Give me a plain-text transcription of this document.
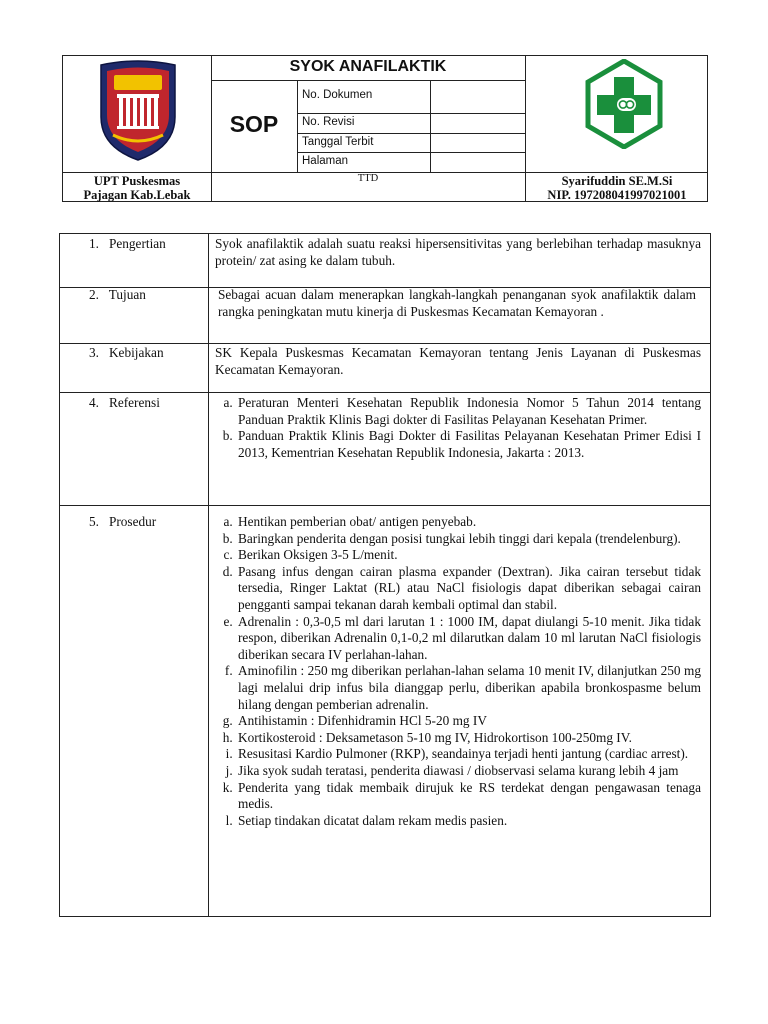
SYOK ANAFILAKTIK
SOP
No. Dokumen
No. Revisi
Tanggal Terbit
Halaman
UPT Puskesmas
Pajagan Kab.Lebak
TTD	Syarifuddin SE.M.Si
NIP. 197208041997021001
1.   Pengertian	Syok anafilaktik adalah suatu reaksi hipersensitivitas yang berlebihan terhadap masuknya protein/ zat asing ke dalam tubuh.
2.   Tujuan	Sebagai acuan dalam menerapkan langkah-langkah penanganan syok anafilaktik dalam rangka peningkatan mutu kinerja di Puskesmas Kecamatan Kemayoran .
3.   Kebijakan	SK Kepala Puskesmas Kecamatan Kemayoran tentang Jenis Layanan di Puskesmas Kecamatan Kemayoran.
4.   Referensi	a. Peraturan Menteri Kesehatan Republik Indonesia Nomor 5 Tahun 2014 tentang Panduan Praktik Klinis Bagi dokter di Fasilitas Pelayanan Kesehatan Primer.
b. Panduan Praktik Klinis Bagi Dokter di Fasilitas Pelayanan Kesehatan Primer Edisi I 2013, Kementrian Kesehatan Republik Indonesia, Jakarta : 2013.
5.   Prosedur	a. Hentikan pemberian obat/ antigen penyebab.
b. Baringkan penderita dengan posisi tungkai lebih tinggi dari kepala (trendelenburg).
c. Berikan Oksigen 3-5 L/menit.
d. Pasang infus dengan cairan plasma expander (Dextran). Jika cairan tersebut tidak tersedia, Ringer Laktat (RL) atau NaCl fisiologis dapat diberikan sebagai cairan pengganti sampai tekanan darah kembali optimal dan stabil.
e. Adrenalin : 0,3-0,5 ml dari larutan 1 : 1000 IM, dapat diulangi 5-10 menit. Jika tidak respon, diberikan Adrenalin 0,1-0,2 ml dilarutkan dalam 10 ml larutan NaCl fisiologis diberikan secara IV perlahan-lahan.
f. Aminofilin : 250 mg diberikan perlahan-lahan selama 10 menit IV, dilanjutkan 250 mg lagi melalui drip infus bila dianggap perlu, diberikan apabila bronkospasme belum hilang dengan pemberian adrenalin.
g. Antihistamin : Difenhidramin HCl 5-20 mg IV
h. Kortikosteroid : Deksametason 5-10 mg IV, Hidrokortison 100-250mg IV.
i. Resusitasi Kardio Pulmoner (RKP), seandainya terjadi henti jantung (cardiac arrest).
j. Jika syok sudah teratasi, penderita diawasi / diobservasi selama kurang lebih 4 jam
k. Penderita yang tidak membaik dirujuk ke RS terdekat dengan pengawasan tenaga medis.
l. Setiap tindakan dicatat dalam rekam medis pasien.
